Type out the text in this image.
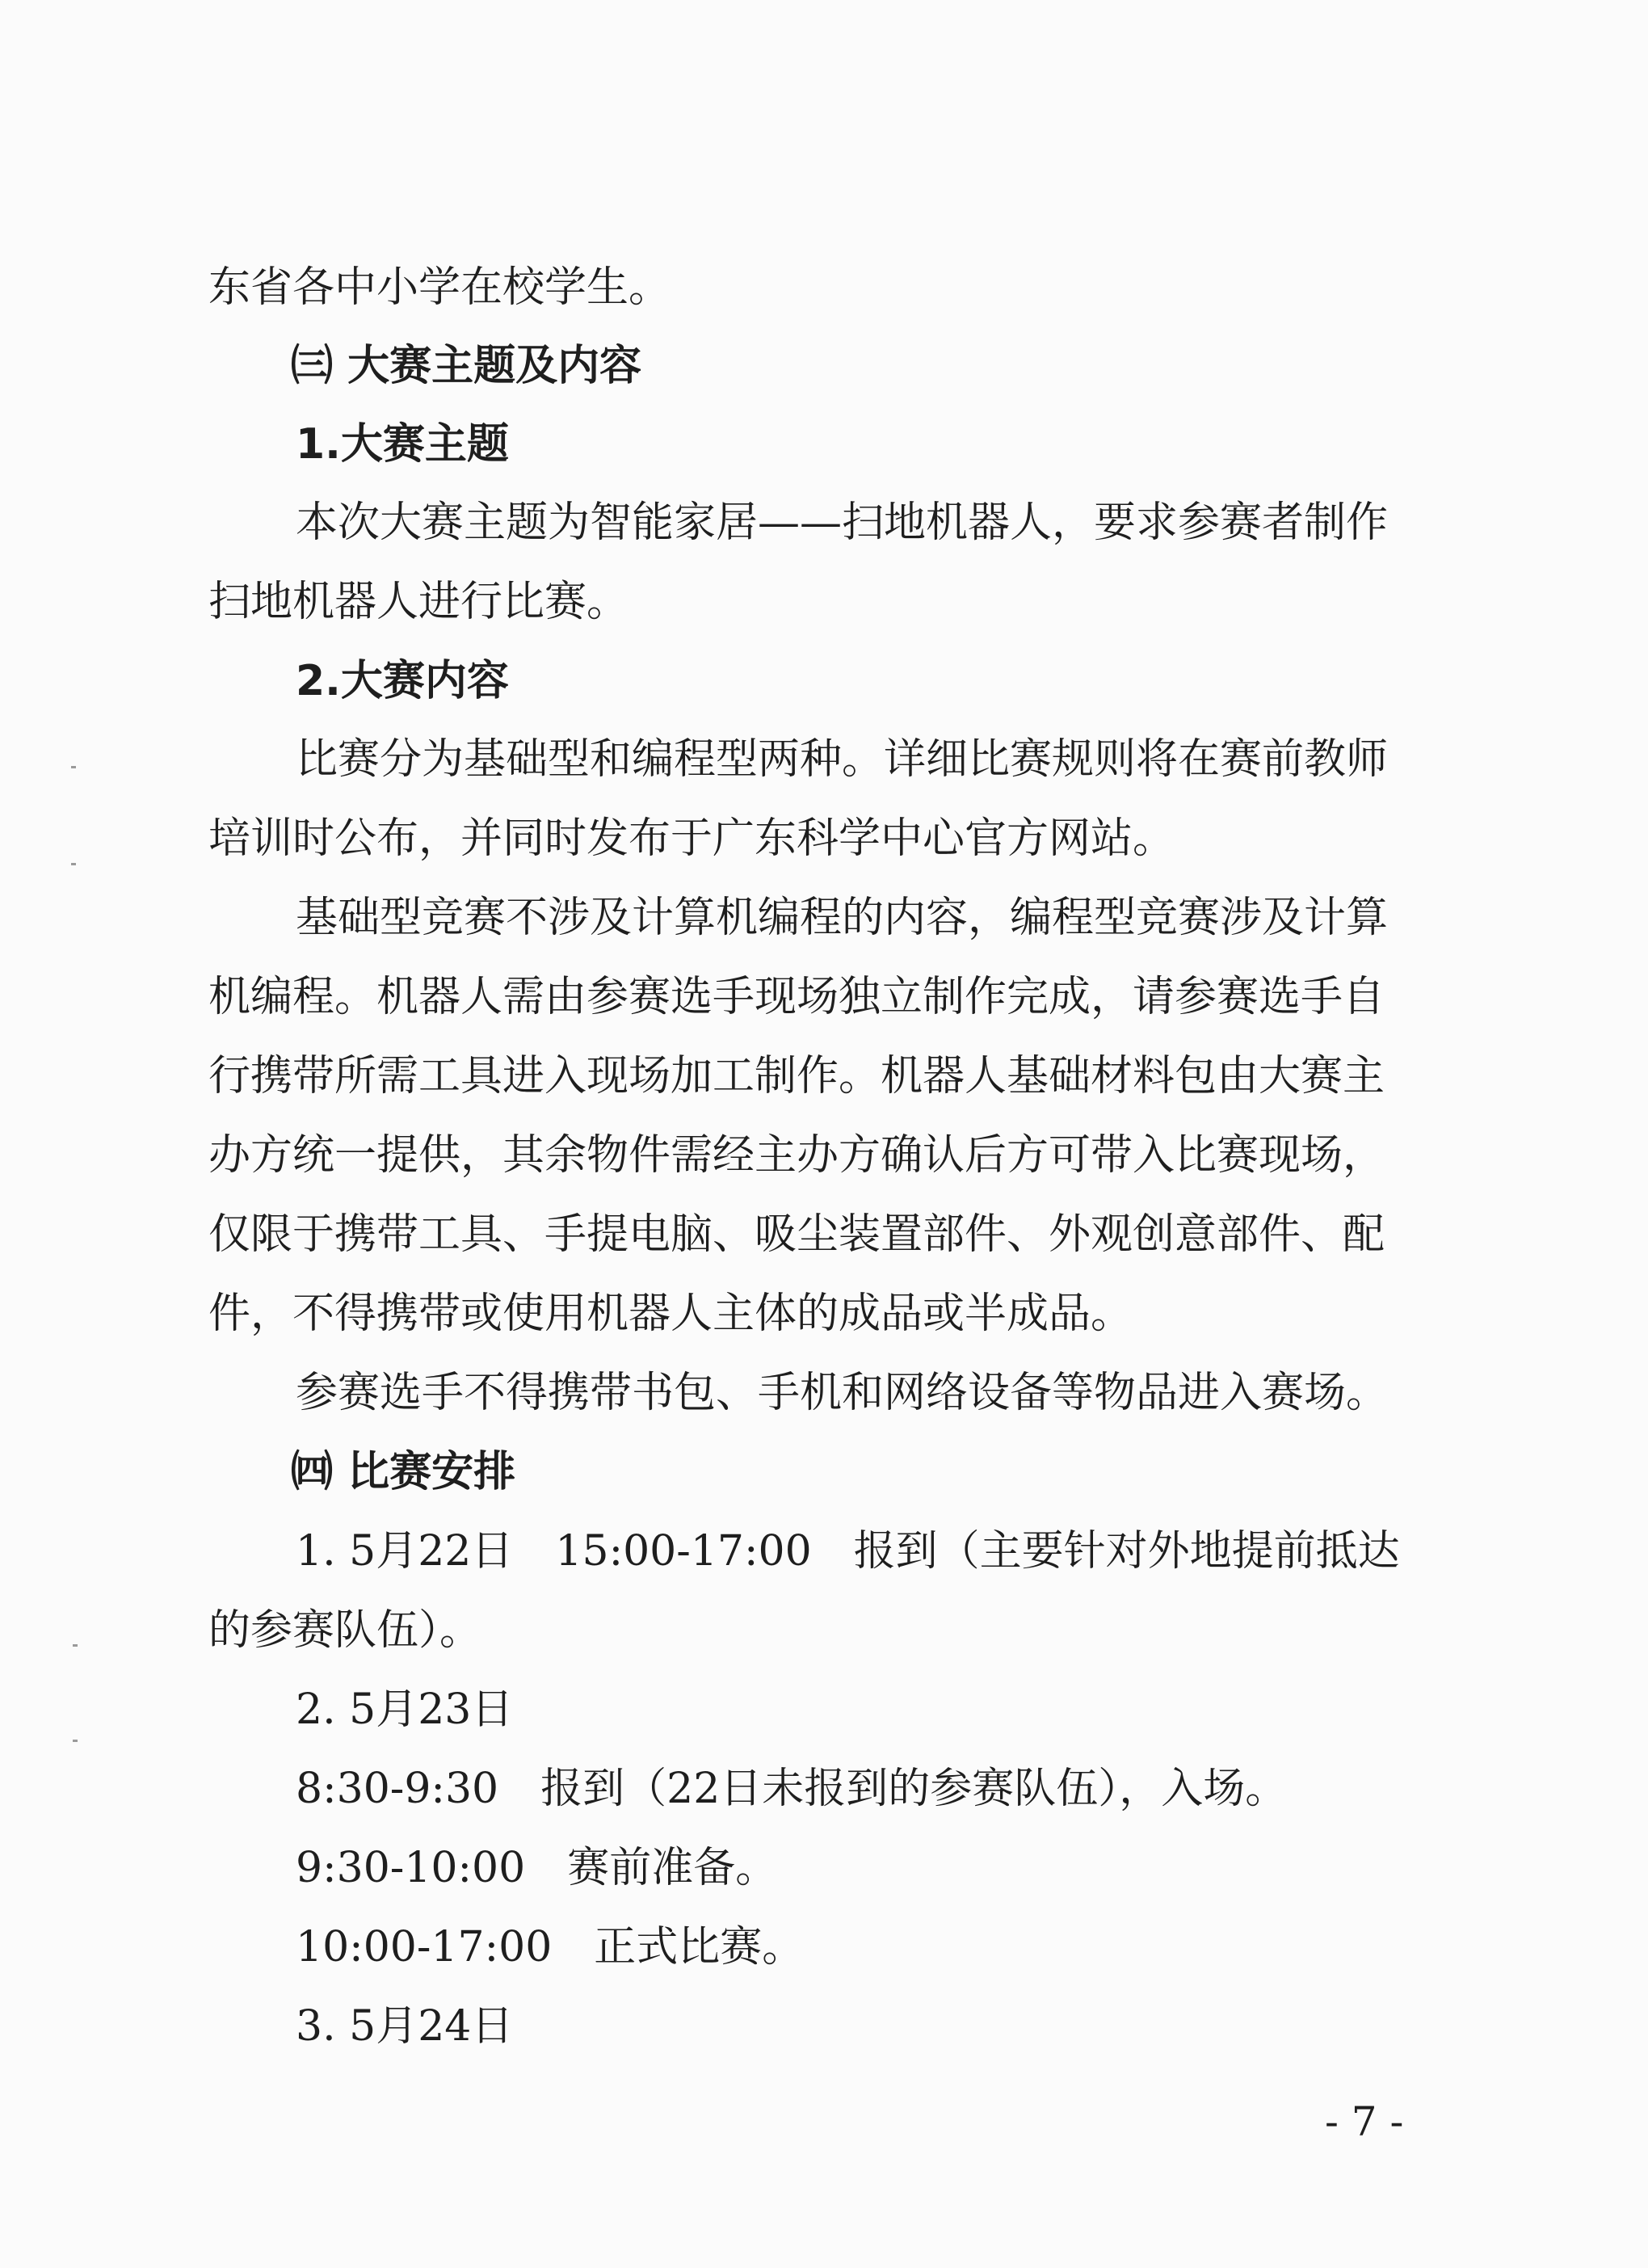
东省各中小学在校学生。
㈢ 大赛主题及内容
1.大赛主题
本次大赛主题为智能家居——扫地机器人，要求参赛者制作
扫地机器人进行比赛。
2.大赛内容
比赛分为基础型和编程型两种。详细比赛规则将在赛前教师
培训时公布，并同时发布于广东科学中心官方网站。
基础型竞赛不涉及计算机编程的内容，编程型竞赛涉及计算
机编程。机器人需由参赛选手现场独立制作完成，请参赛选手自
行携带所需工具进入现场加工制作。机器人基础材料包由大赛主
办方统一提供，其余物件需经主办方确认后方可带入比赛现场，
仅限于携带工具、手提电脑、吸尘装置部件、外观创意部件、配
件，不得携带或使用机器人主体的成品或半成品。
参赛选手不得携带书包、手机和网络设备等物品进入赛场。
㈣ 比赛安排
1. 5月22日　15:00-17:00　报到（主要针对外地提前抵达
的参赛队伍）。
2. 5月23日
8:30-9:30　报到（22日未报到的参赛队伍），入场。
9:30-10:00　赛前准备。
10:00-17:00　正式比赛。
3. 5月24日
- 7 -
